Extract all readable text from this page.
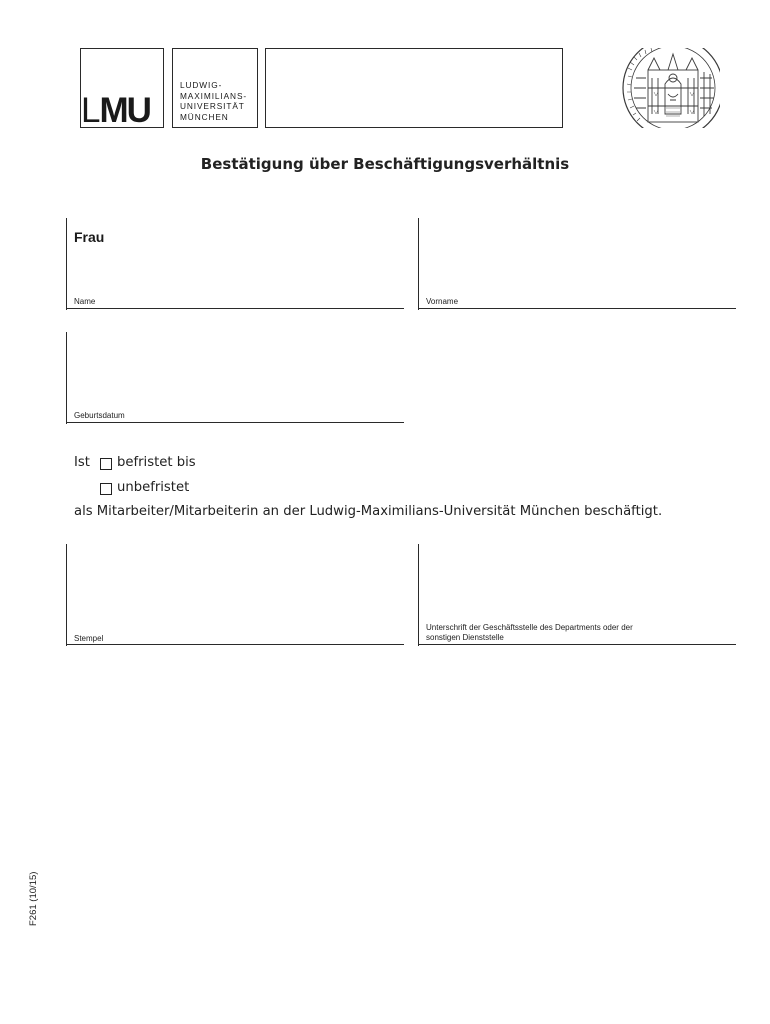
LMU
LUDWIG-
MAXIMILIANS-
UNIVERSITÄT
MÜNCHEN
Bestätigung über Beschäftigungsverhältnis
Frau
Name	Vorname
Geburtsdatum
Ist befristet bis
unbefristet
als Mitarbeiter/Mitarbeiterin an der Ludwig-Maximilians-Universität München beschäftigt.
Stempel
Unterschrift der Geschäftsstelle des Departments oder der
sonstigen Dienststelle
F261 (10/15)
